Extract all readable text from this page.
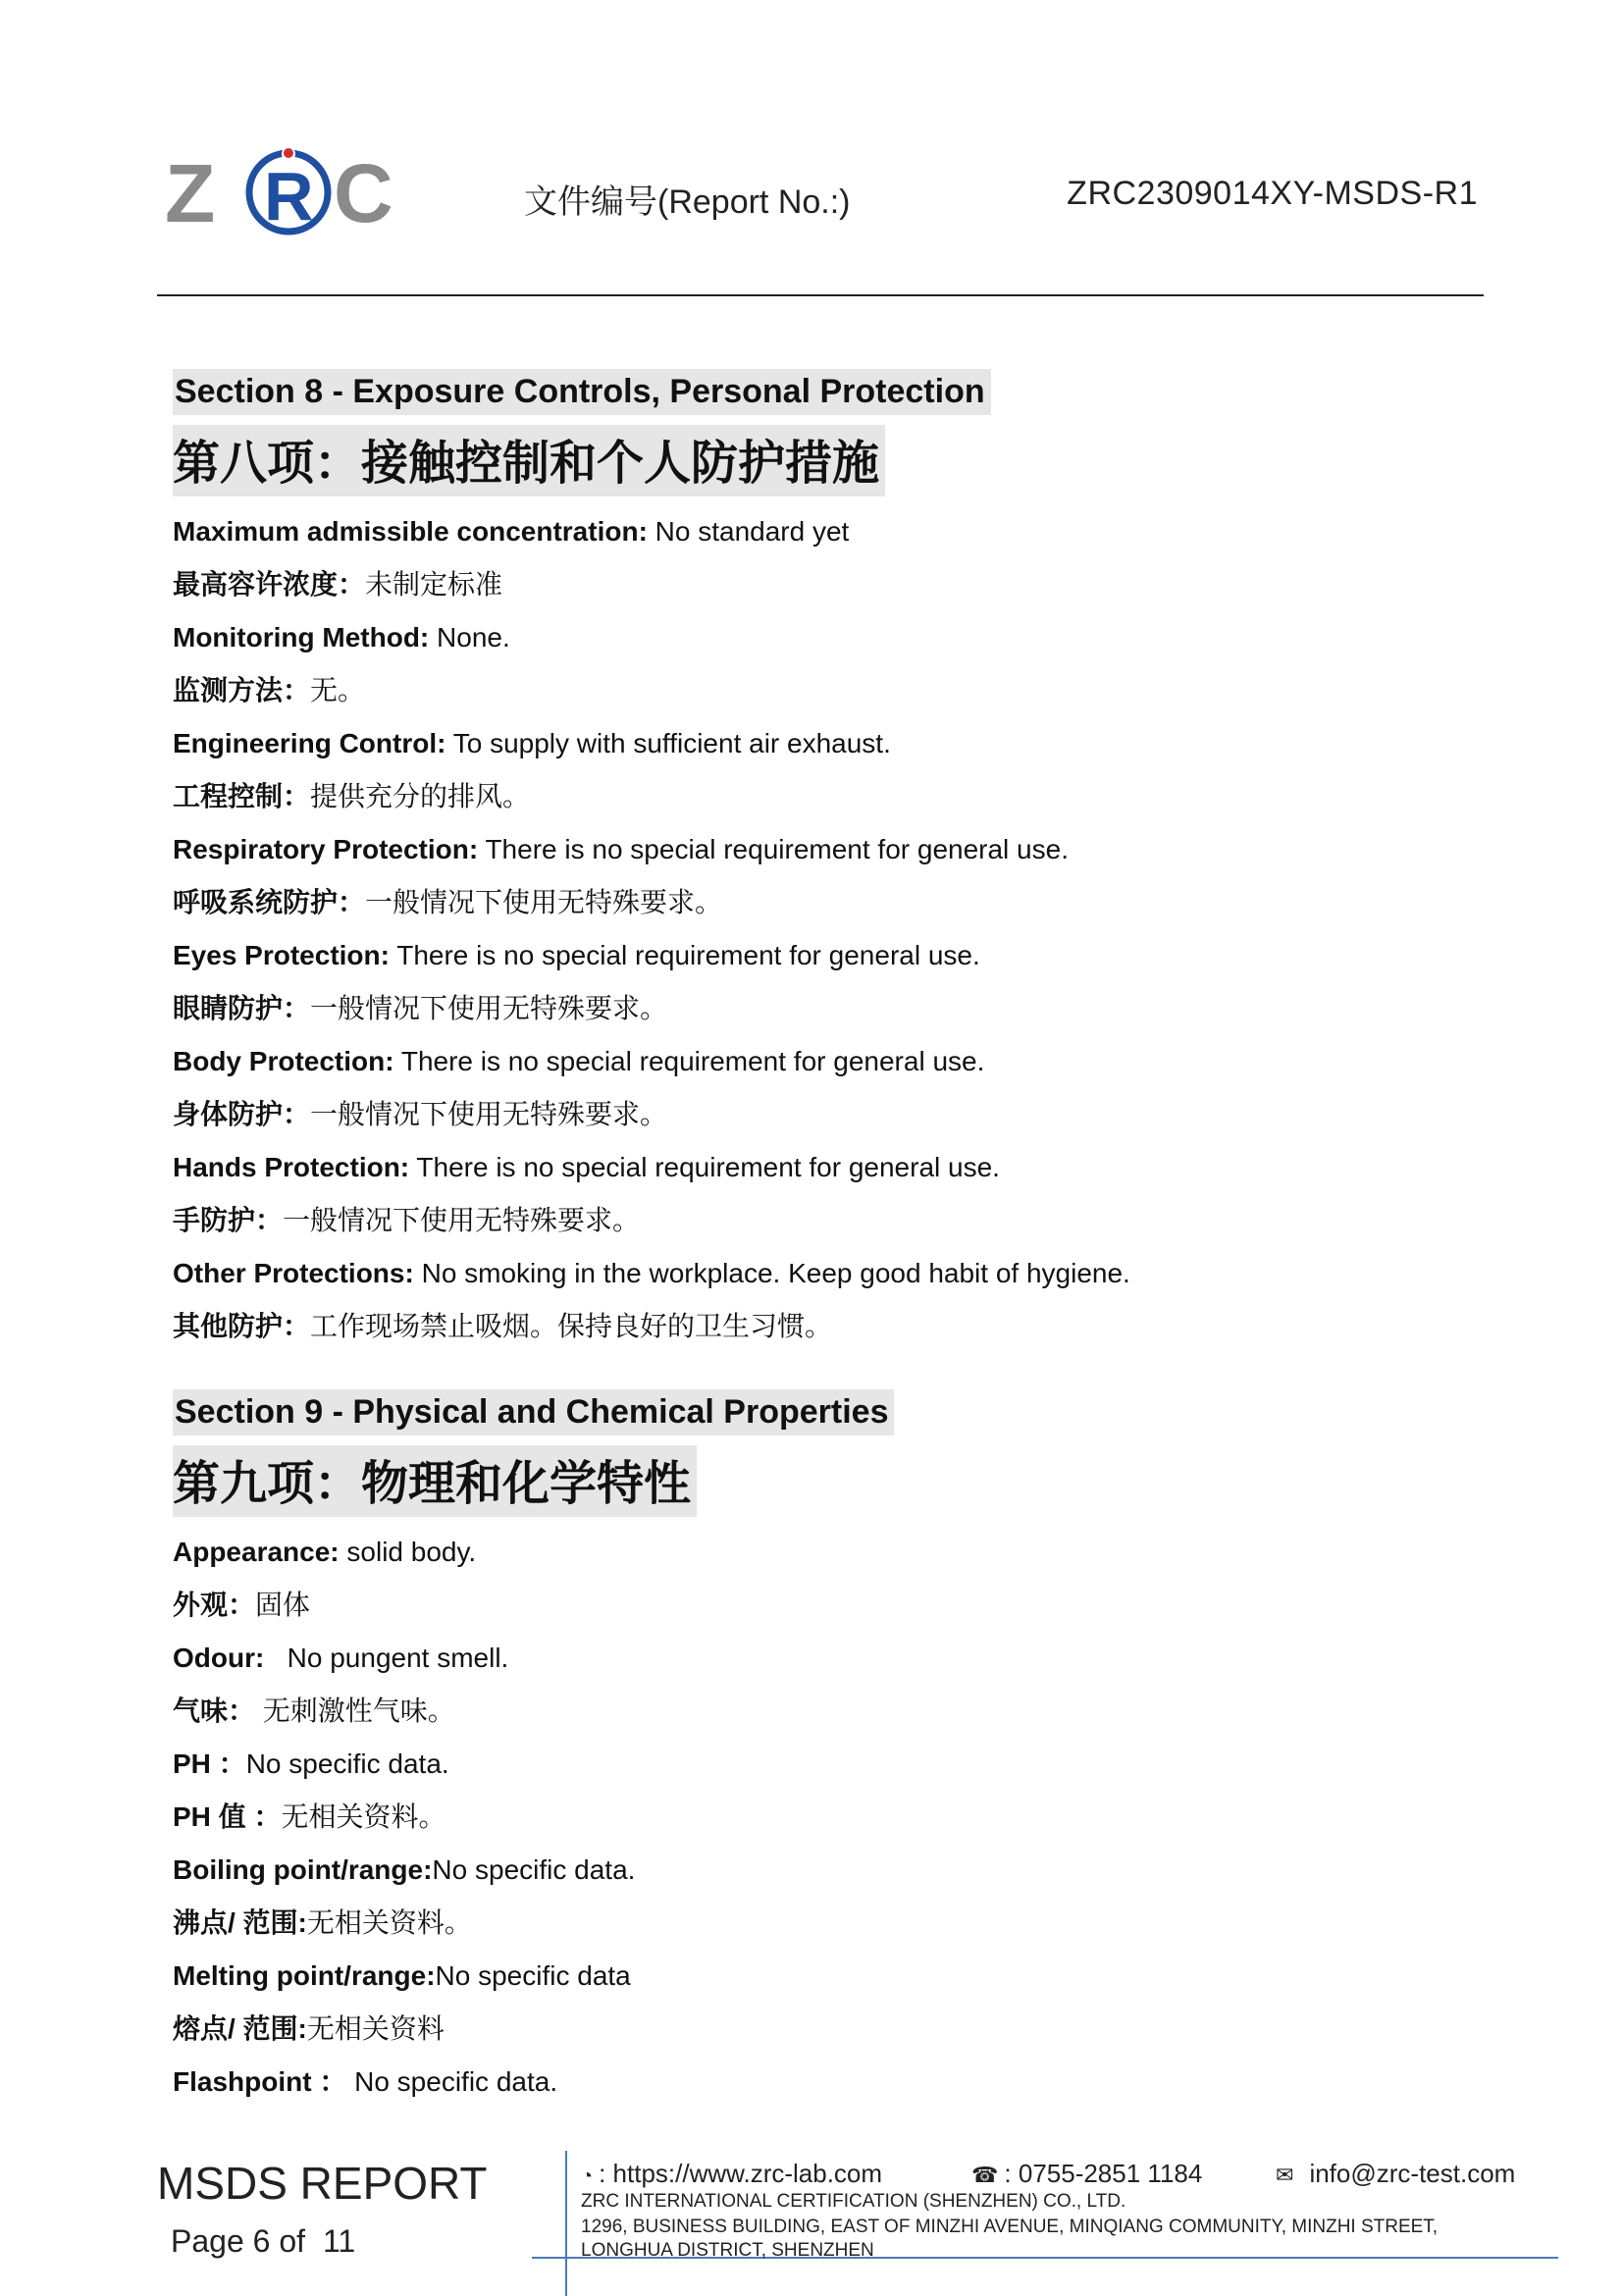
Z R C	文件编号(Report No.:)	ZRC2309014XY-MSDS-R1
Section 8 - Exposure Controls, Personal Protection
第八项：接触控制和个人防护措施
Maximum admissible concentration: No standard yet
最高容许浓度：未制定标准
Monitoring Method: None.
监测方法：无。
Engineering Control: To supply with sufficient air exhaust.
工程控制：提供充分的排风。
Respiratory Protection: There is no special requirement for general use.
呼吸系统防护：一般情况下使用无特殊要求。
Eyes Protection: There is no special requirement for general use.
眼睛防护：一般情况下使用无特殊要求。
Body Protection: There is no special requirement for general use.
身体防护：一般情况下使用无特殊要求。
Hands Protection: There is no special requirement for general use.
手防护：一般情况下使用无特殊要求。
Other Protections: No smoking in the workplace. Keep good habit of hygiene.
其他防护：工作现场禁止吸烟。保持良好的卫生习惯。
Section 9 - Physical and Chemical Properties
第九项：物理和化学特性
Appearance: solid body.
外观：固体
Odour:   No pungent smell.
气味： 无刺激性气味。
PH ：No specific data.
PH 值 ：无相关资料。
Boiling point/range:No specific data.
沸点/ 范围:无相关资料。
Melting point/range:No specific data
熔点/ 范围:无相关资料
Flashpoint ： No specific data.
MSDS REPORT
Page 6 of 11
◔ : https://www.zrc-lab.com	☎ : 0755-2851 1184	✉ info@zrc-test.com
ZRC INTERNATIONAL CERTIFICATION (SHENZHEN) CO., LTD.
1296, BUSINESS BUILDING, EAST OF MINZHI AVENUE, MINQIANG COMMUNITY, MINZHI STREET,
LONGHUA DISTRICT, SHENZHEN
